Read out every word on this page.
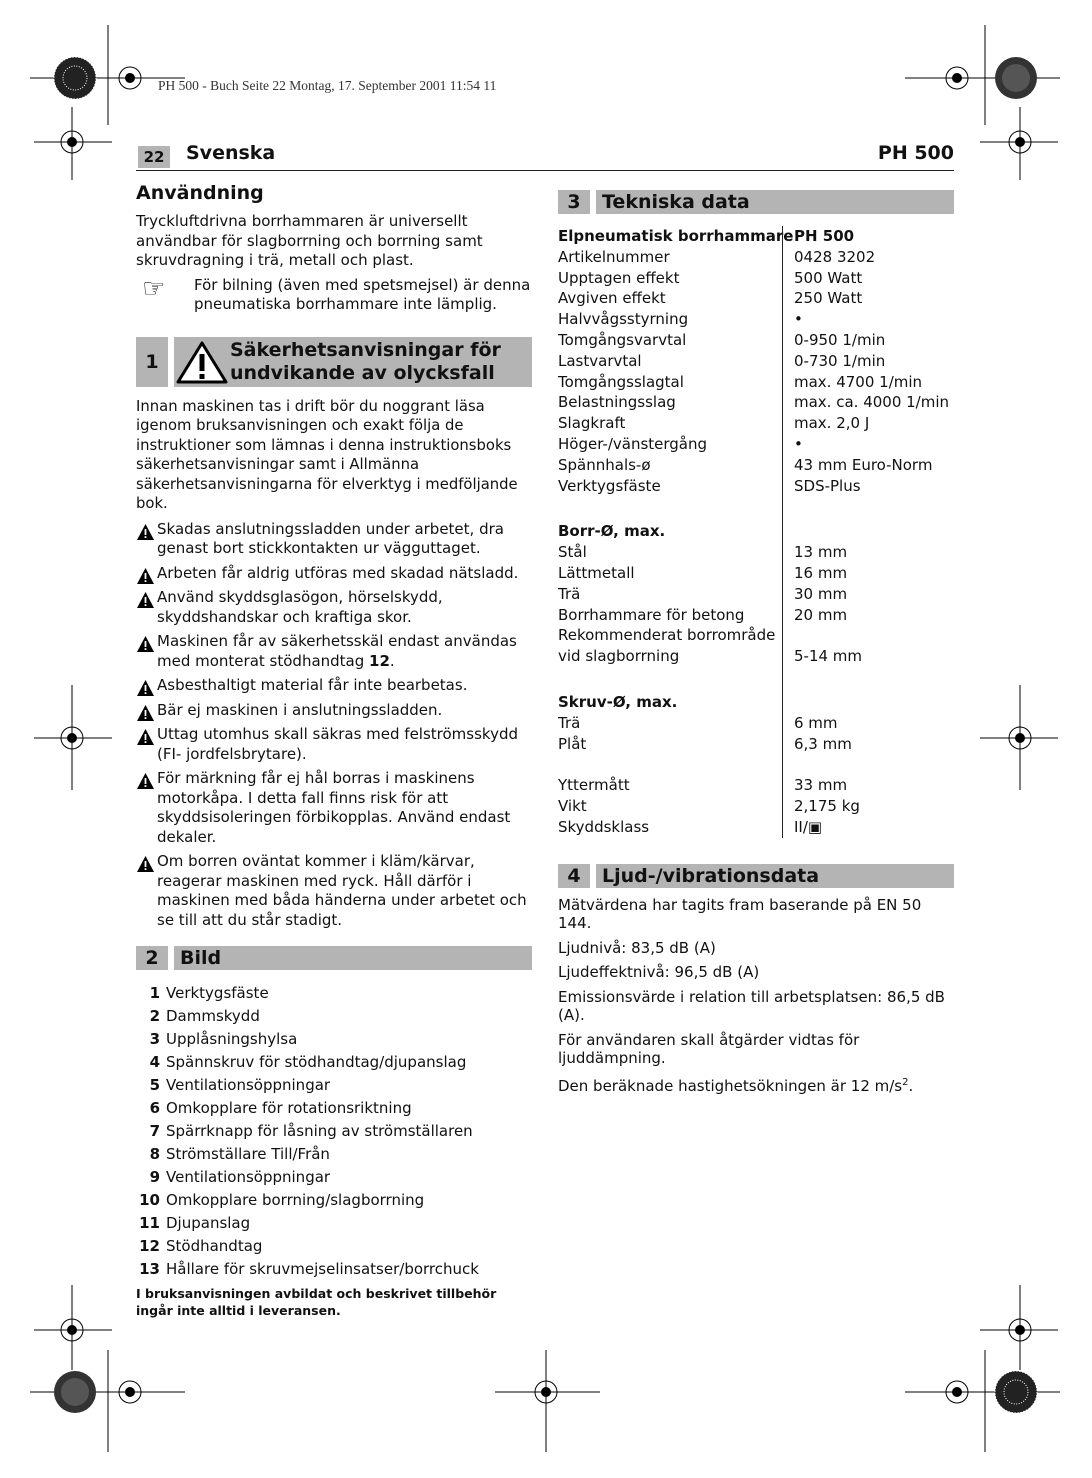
PH 500 - Buch Seite 22 Montag, 17. September 2001 11:54 11
22 Svenska	PH 500
Användning

Tryckluftdrivna borrhammaren är universellt användbar för slagborrning och borrning samt skruvdragning i trä, metall och plast.

☞ För bilning (även med spetsmejsel) är denna pneumatiska borrhammare inte lämplig.

1
Säkerhetsanvisningar för
undvikande av olycksfall

Innan maskinen tas i drift bör du noggrant läsa igenom bruksanvisningen och exakt följa de instruktioner som lämnas i denna instruktionsboks säkerhetsanvisningar samt i Allmänna säkerhetsanvisningarna för elverktyg i medföljande bok.

Skadas anslutningssladden under arbetet, dra genast bort stickkontakten ur vägguttaget.
Arbeten får aldrig utföras med skadad nätsladd.
Använd skyddsglasögon, hörselskydd, skyddshandskar och kraftiga skor.
Maskinen får av säkerhetsskäl endast användas med monterat stödhandtag 12.
Asbesthaltigt material får inte bearbetas.
Bär ej maskinen i anslutningssladden.
Uttag utomhus skall säkras med felströmsskydd (FI- jordfelsbrytare).
För märkning får ej hål borras i maskinens motorkåpa. I detta fall finns risk för att skyddsisoleringen förbikopplas. Använd endast dekaler.
Om borren oväntat kommer i kläm/kärvar, reagerar maskinen med ryck. Håll därför i maskinen med båda händerna under arbetet och se till att du står stadigt.
2	Bild
1 Verktygsfäste
2 Dammskydd
3 Upplåsningshylsa
4 Spännskruv för stödhandtag/djupanslag
5 Ventilationsöppningar
6 Omkopplare för rotationsriktning
7 Spärrknapp för låsning av strömställaren
8 Strömställare Till/Från
9 Ventilationsöppningar
10 Omkopplare borrning/slagborrning
11 Djupanslag
12 Stödhandtag
13 Hållare för skruvmejselinsatser/borrchuck

I bruksanvisningen avbildat och beskrivet tillbehör ingår inte alltid i leveransen.

3	Tekniska data
Elpneumatisk borrhammare PH 500
Artikelnummer	0428 3202
Upptagen effekt	500 Watt
Avgiven effekt	250 Watt
Halvvågsstyrning	•
Tomgångsvarvtal	0-950 1/min
Lastvarvtal	0-730 1/min
Tomgångsslagtal	max. 4700 1/min
Belastningsslag	max. ca. 4000 1/min
Slagkraft	max. 2,0 J
Höger-/vänstergång	•
Spännhals-ø	43 mm Euro-Norm
Verktygsfäste	SDS-Plus
Borr-Ø, max.
Stål	13 mm
Lättmetall	16 mm
Trä	30 mm
Borrhammare för betong	20 mm
Rekommenderat borrområde
vid slagborrning	5-14 mm
Skruv-Ø, max.
Trä	6 mm
Plåt	6,3 mm
Yttermått	33 mm
Vikt	2,175 kg
Skyddsklass	II/▣
4	Ljud-/vibrationsdata

Mätvärdena har tagits fram baserande på EN 50 144.

Ljudnivå: 83,5 dB (A)

Ljudeffektnivå: 96,5 dB (A)

Emissionsvärde i relation till arbetsplatsen: 86,5 dB (A).

För användaren skall åtgärder vidtas för ljuddämpning.

Den beräknade hastighetsökningen är 12 $m/s^2$.
